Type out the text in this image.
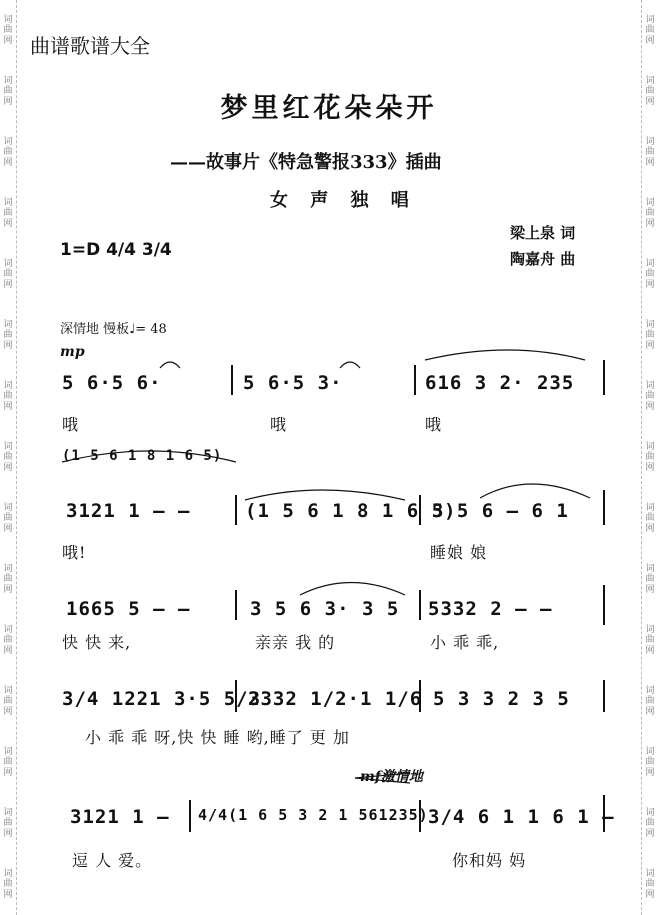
词
曲
网
词
曲
网
词
曲
网
词
曲
网
词
曲
网
词
曲
网
词
曲
网
词
曲
网
词
曲
网
词
曲
网
词
曲
网
词
曲
网
词
曲
网
词
曲
网
词
曲
网
词
曲
网
词
曲
网
词
曲
网
词
曲
网
词
曲
网
词
曲
网
词
曲
网
词
曲
网
词
曲
网
词
曲
网
词
曲
网
词
曲
网
词
曲
网
词
曲
网
词
曲
网
曲谱歌谱大全
梦里红花朵朵开
——故事片《特急警报333》插曲
女 声 独 唱
梁上泉 词
陶嘉舟 曲
1=D 4/4 3/4
深情地 慢板♩= 48
mp
mf激情地
5 6·5 6·	5 6·5 3·	616 3 2· 235
哦	哦	哦
(1 5 6 1 8 1 6 5)
3121 1 — —	(1 5 6 1 8 1 6 5)
3 5 6 — 6 1
哦!	睡娘 娘
1665 5 — —	3 5 6 3· 3 5 5332 2 — —
快 快 来,	亲亲 我 的	小 乖 乖,
3/4 1221 3·5 5/3
2332 1/2·1 1/6 5 3 3 2 3 5
小 乖 乖 呀,快 快 睡 哟,睡了 更 加
3121 1 — 4/4(1 6 5 3 2 1 561235) 3/4 6 1 1 6 1 —
逗 人 爱。	你和妈 妈
